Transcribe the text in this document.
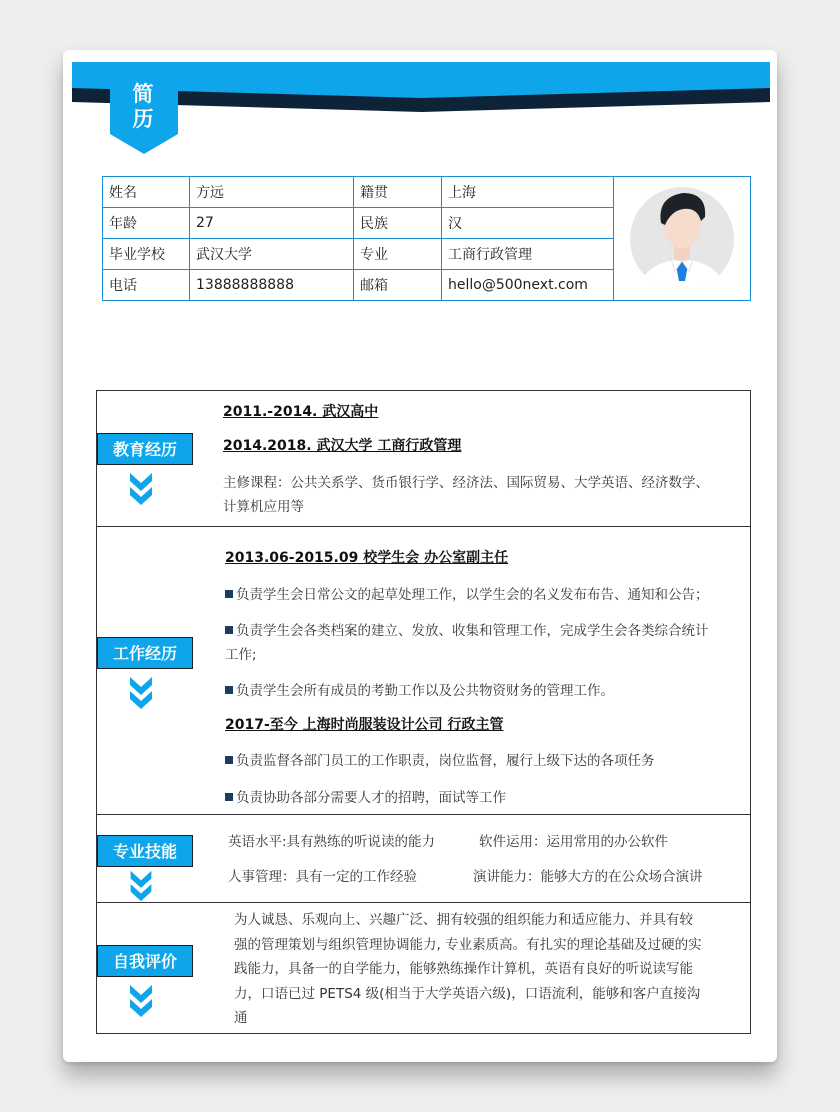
简
历
姓名	方远	籍贯	上海	
年龄	27	民族	汉	
毕业学校	武汉大学	专业	工商行政管理	
电话	13888888888	邮箱	hello@500next.com	
教育经历
2011.-2014. 武汉高中
2014.2018. 武汉大学 工商行政管理
主修课程：公共关系学、货币银行学、经济法、国际贸易、大学英语、经济数学、
计算机应用等
工作经历
2013.06-2015.09 校学生会 办公室副主任
负责学生会日常公文的起草处理工作，以学生会的名义发布布告、通知和公告；
负责学生会各类档案的建立、发放、收集和管理工作，完成学生会各类综合统计
工作;
负责学生会所有成员的考勤工作以及公共物资财务的管理工作。
2017-至今 上海时尚服装设计公司 行政主管
负责监督各部门员工的工作职责，岗位监督，履行上级下达的各项任务
负责协助各部分需要人才的招聘，面试等工作
专业技能	英语水平:具有熟练的听说读的能力	软件运用：运用常用的办公软件
人事管理：具有一定的工作经验	演讲能力：能够大方的在公众场合演讲
自我评价
为人诚恳、乐观向上、兴趣广泛、拥有较强的组织能力和适应能力、并具有较
强的管理策划与组织管理协调能力, 专业素质高。有扎实的理论基础及过硬的实
践能力，具备一的自学能力，能够熟练操作计算机，英语有良好的听说读写能
力，口语已过 PETS4 级(相当于大学英语六级)，口语流利，能够和客户直接沟
通
